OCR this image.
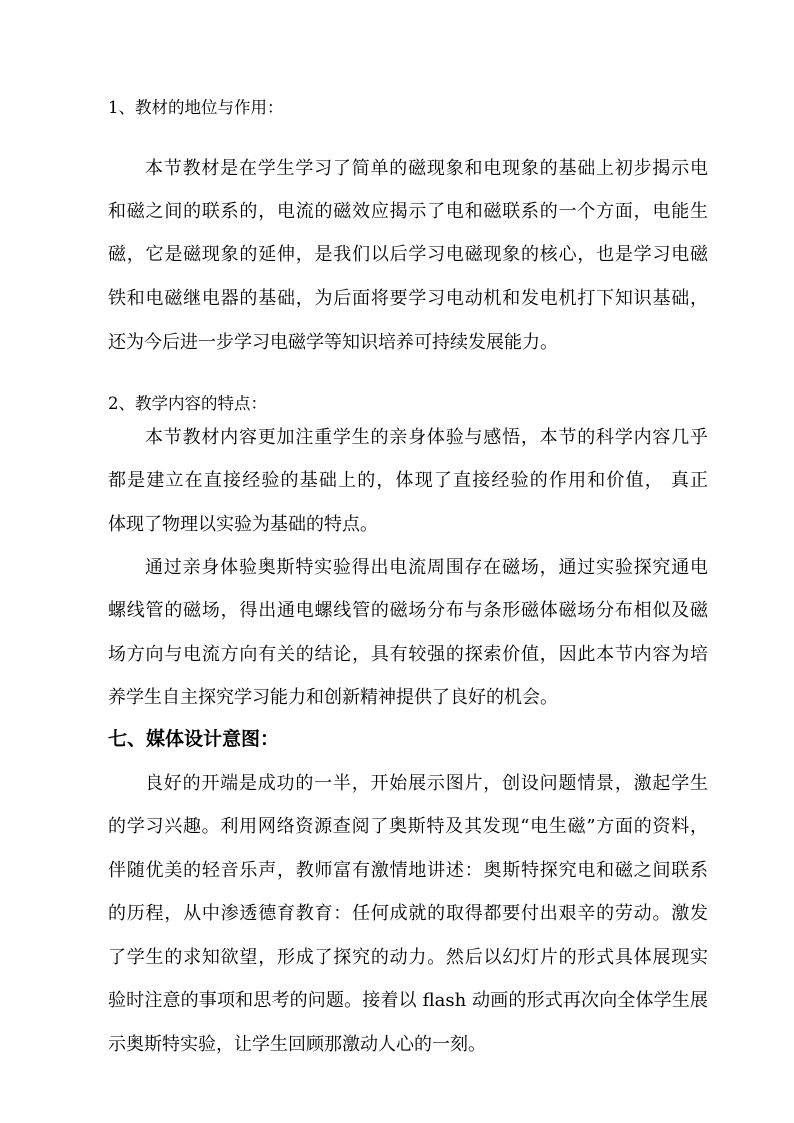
1、教材的地位与作用：
本节教材是在学生学习了简单的磁现象和电现象的基础上初步揭示电
和磁之间的联系的，电流的磁效应揭示了电和磁联系的一个方面，电能生
磁，它是磁现象的延伸，是我们以后学习电磁现象的核心，也是学习电磁
铁和电磁继电器的基础，为后面将要学习电动机和发电机打下知识基础，
还为今后进一步学习电磁学等知识培养可持续发展能力。
2、教学内容的特点：
本节教材内容更加注重学生的亲身体验与感悟，本节的科学内容几乎
都是建立在直接经验的基础上的，体现了直接经验的作用和价值， 真正
体现了物理以实验为基础的特点。
通过亲身体验奥斯特实验得出电流周围存在磁场，通过实验探究通电
螺线管的磁场，得出通电螺线管的磁场分布与条形磁体磁场分布相似及磁
场方向与电流方向有关的结论，具有较强的探索价值，因此本节内容为培
养学生自主探究学习能力和创新精神提供了良好的机会。
七、媒体设计意图：
良好的开端是成功的一半，开始展示图片，创设问题情景，激起学生
的学习兴趣。利用网络资源查阅了奥斯特及其发现“电生磁”方面的资料，
伴随优美的轻音乐声，教师富有激情地讲述：奥斯特探究电和磁之间联系
的历程，从中渗透德育教育：任何成就的取得都要付出艰辛的劳动。激发
了学生的求知欲望，形成了探究的动力。然后以幻灯片的形式具体展现实
验时注意的事项和思考的问题。接着以 flash 动画的形式再次向全体学生展
示奥斯特实验，让学生回顾那激动人心的一刻。
